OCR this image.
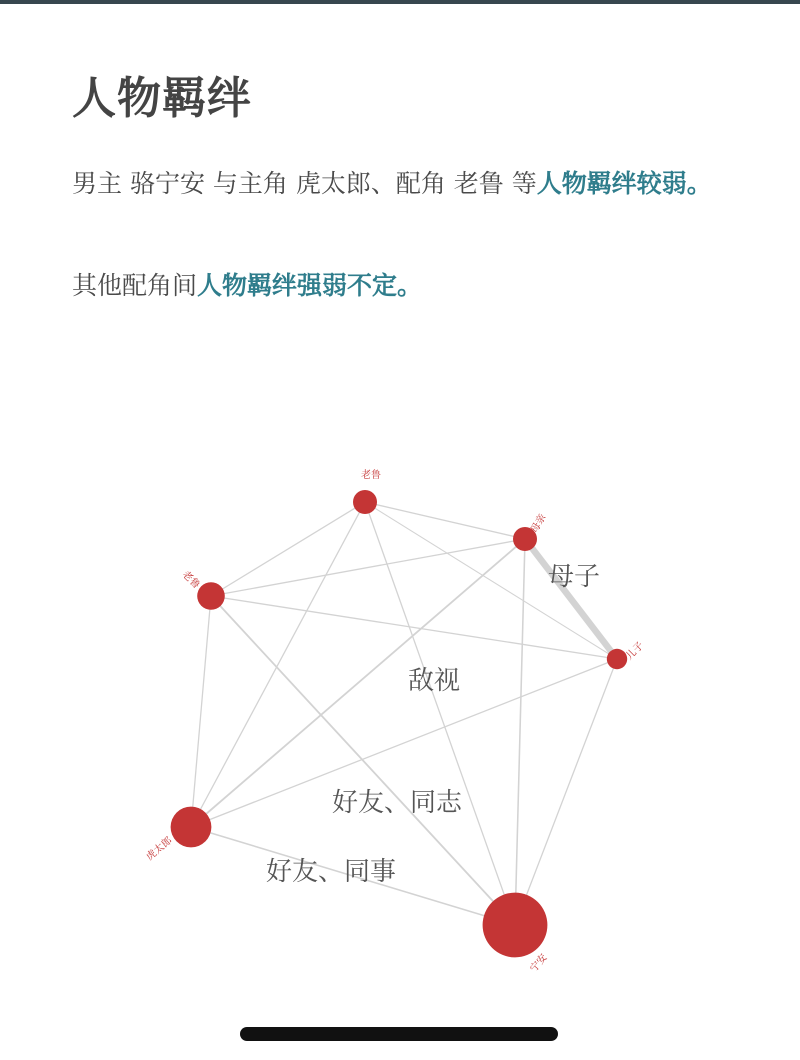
人物羁绊

男主 骆宁安 与主角 虎太郎、配角 老鲁 等人物羁绊较弱。

其他配角间人物羁绊强弱不定。

母子
敌视
好友、同志
好友、同事
老鲁
母亲
老鲁
儿子
虎太郎
宁安
